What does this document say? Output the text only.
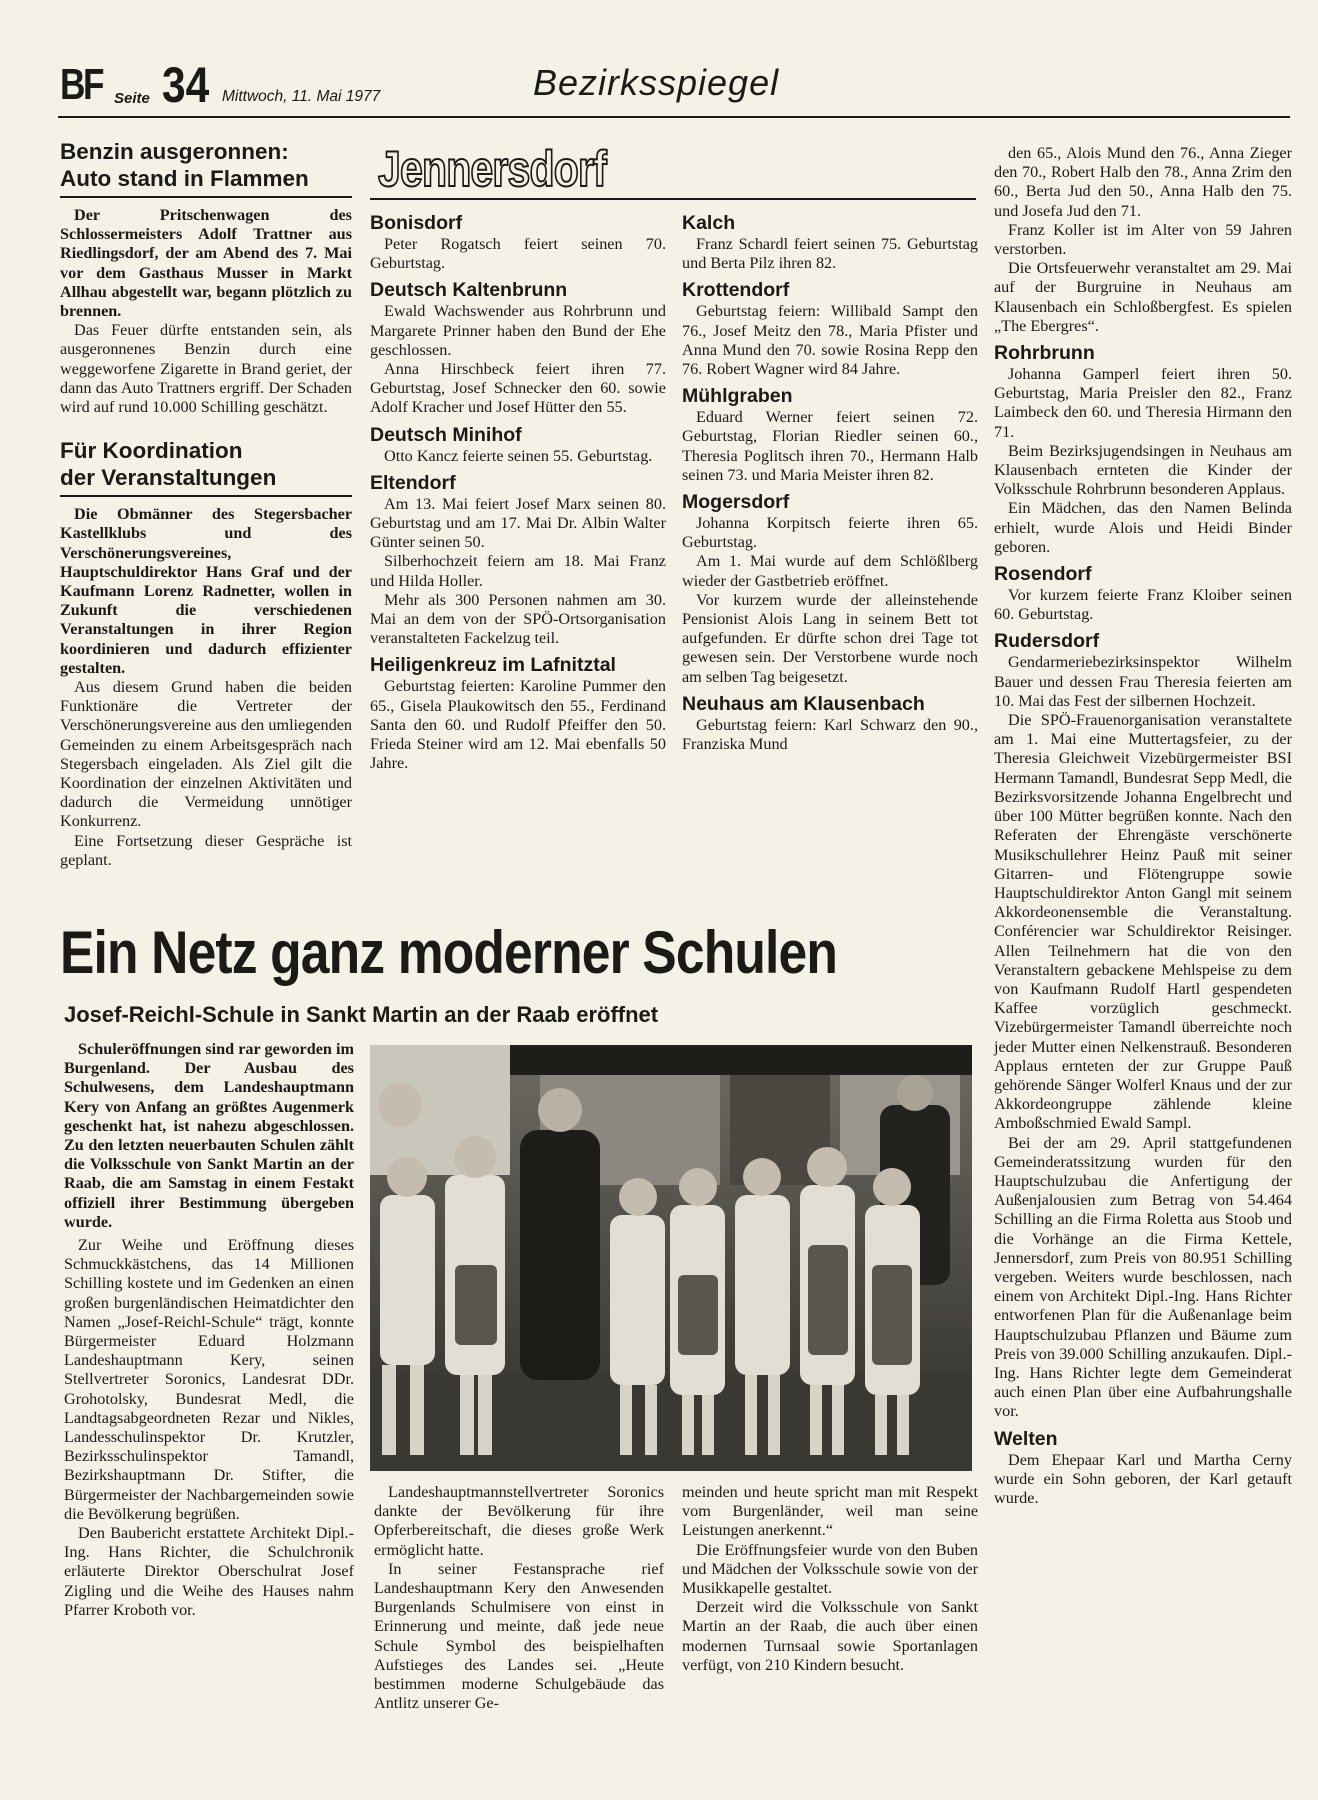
BF Seite 34 Mittwoch, 11. Mai 1977	Bezirksspiegel
Benzin ausgeronnen:
Auto stand in Flammen

Der Pritschenwagen des Schlossermeisters Adolf Trattner aus Riedlingsdorf, der am Abend des 7. Mai vor dem Gasthaus Musser in Markt Allhau abgestellt war, begann plötzlich zu brennen.

Das Feuer dürfte entstanden sein, als ausgeronnenes Benzin durch eine weggeworfene Zigarette in Brand geriet, der dann das Auto Trattners ergriff. Der Schaden wird auf rund 10.000 Schilling geschätzt.

Für Koordination
der Veranstaltungen

Die Obmänner des Stegersbacher Kastellklubs und des Verschönerungsvereines, Hauptschuldirektor Hans Graf und der Kaufmann Lorenz Radnetter, wollen in Zukunft die verschiedenen Veranstaltungen in ihrer Region koordinieren und dadurch effizienter gestalten.

Aus diesem Grund haben die beiden Funktionäre die Vertreter der Verschönerungsvereine aus den umliegenden Gemeinden zu einem Arbeitsgespräch nach Stegersbach eingeladen. Als Ziel gilt die Koordination der einzelnen Aktivitäten und dadurch die Vermeidung unnötiger Konkurrenz.

Eine Fortsetzung dieser Gespräche ist geplant.

Jennersdorf
Bonisdorf

Peter Rogatsch feiert seinen 70. Geburtstag.

Deutsch Kaltenbrunn

Ewald Wachswender aus Rohrbrunn und Margarete Prinner haben den Bund der Ehe geschlossen.

Anna Hirschbeck feiert ihren 77. Geburtstag, Josef Schnecker den 60. sowie Adolf Kracher und Josef Hütter den 55.

Deutsch Minihof

Otto Kancz feierte seinen 55. Geburtstag.

Eltendorf

Am 13. Mai feiert Josef Marx seinen 80. Geburtstag und am 17. Mai Dr. Albin Walter Günter seinen 50.

Silberhochzeit feiern am 18. Mai Franz und Hilda Holler.

Mehr als 300 Personen nahmen am 30. Mai an dem von der SPÖ-Ortsorganisation veranstalteten Fackelzug teil.

Heiligenkreuz im Lafnitztal

Geburtstag feierten: Karoline Pummer den 65., Gisela Plaukowitsch den 55., Ferdinand Santa den 60. und Rudolf Pfeiffer den 50. Frieda Steiner wird am 12. Mai ebenfalls 50 Jahre.

Kalch

Franz Schardl feiert seinen 75. Geburtstag und Berta Pilz ihren 82.

Krottendorf

Geburtstag feiern: Willibald Sampt den 76., Josef Meitz den 78., Maria Pfister und Anna Mund den 70. sowie Rosina Repp den 76. Robert Wagner wird 84 Jahre.

Mühlgraben

Eduard Werner feiert seinen 72. Geburtstag, Florian Riedler seinen 60., Theresia Poglitsch ihren 70., Hermann Halb seinen 73. und Maria Meister ihren 82.

Mogersdorf

Johanna Korpitsch feierte ihren 65. Geburtstag.

Am 1. Mai wurde auf dem Schlößlberg wieder der Gastbetrieb eröffnet.

Vor kurzem wurde der alleinstehende Pensionist Alois Lang in seinem Bett tot aufgefunden. Er dürfte schon drei Tage tot gewesen sein. Der Verstorbene wurde noch am selben Tag beigesetzt.

Neuhaus am Klausenbach

Geburtstag feiern: Karl Schwarz den 90., Franziska Mund

den 65., Alois Mund den 76., Anna Zieger den 70., Robert Halb den 78., Anna Zrim den 60., Berta Jud den 50., Anna Halb den 75. und Josefa Jud den 71.

Franz Koller ist im Alter von 59 Jahren verstorben.

Die Ortsfeuerwehr veranstaltet am 29. Mai auf der Burgruine in Neuhaus am Klausenbach ein Schloßbergfest. Es spielen „The Ebergres“.

Rohrbrunn

Johanna Gamperl feiert ihren 50. Geburtstag, Maria Preisler den 82., Franz Laimbeck den 60. und Theresia Hirmann den 71.

Beim Bezirksjugendsingen in Neuhaus am Klausenbach ernteten die Kinder der Volksschule Rohrbrunn besonderen Applaus.

Ein Mädchen, das den Namen Belinda erhielt, wurde Alois und Heidi Binder geboren.

Rosendorf

Vor kurzem feierte Franz Kloiber seinen 60. Geburtstag.

Rudersdorf

Gendarmeriebezirksinspektor Wilhelm Bauer und dessen Frau Theresia feierten am 10. Mai das Fest der silbernen Hochzeit.

Die SPÖ-Frauenorganisation veranstaltete am 1. Mai eine Muttertagsfeier, zu der Theresia Gleichweit Vizebürgermeister BSI Hermann Tamandl, Bundesrat Sepp Medl, die Bezirksvorsitzende Johanna Engelbrecht und über 100 Mütter begrüßen konnte. Nach den Referaten der Ehrengäste verschönerte Musikschullehrer Heinz Pauß mit seiner Gitarren- und Flötengruppe sowie Hauptschuldirektor Anton Gangl mit seinem Akkordeonensemble die Veranstaltung. Conférencier war Schuldirektor Reisinger. Allen Teilnehmern hat die von den Veranstaltern gebackene Mehlspeise zu dem von Kaufmann Rudolf Hartl gespendeten Kaffee vorzüglich geschmeckt. Vizebürgermeister Tamandl überreichte noch jeder Mutter einen Nelkenstrauß. Besonderen Applaus ernteten der zur Gruppe Pauß gehörende Sänger Wolferl Knaus und der zur Akkordeongruppe zählende kleine Amboßschmied Ewald Sampl.

Bei der am 29. April stattgefundenen Gemeinderatssitzung wurden für den Hauptschulzubau die Anfertigung der Außenjalousien zum Betrag von 54.464 Schilling an die Firma Roletta aus Stoob und die Vorhänge an die Firma Kettele, Jennersdorf, zum Preis von 80.951 Schilling vergeben. Weiters wurde beschlossen, nach einem von Architekt Dipl.-Ing. Hans Richter entworfenen Plan für die Außenanlage beim Hauptschulzubau Pflanzen und Bäume zum Preis von 39.000 Schilling anzukaufen. Dipl.-Ing. Hans Richter legte dem Gemeinderat auch einen Plan über eine Aufbahrungshalle vor.

Welten

Dem Ehepaar Karl und Martha Cerny wurde ein Sohn geboren, der Karl getauft wurde.

Ein Netz ganz moderner Schulen
Josef-Reichl-Schule in Sankt Martin an der Raab eröffnet

Schuleröffnungen sind rar geworden im Burgenland. Der Ausbau des Schulwesens, dem Landeshauptmann Kery von Anfang an größtes Augenmerk geschenkt hat, ist nahezu abgeschlossen. Zu den letzten neuerbauten Schulen zählt die Volksschule von Sankt Martin an der Raab, die am Samstag in einem Festakt offiziell ihrer Bestimmung übergeben wurde.

Zur Weihe und Eröffnung dieses Schmuckkästchens, das 14 Millionen Schilling kostete und im Gedenken an einen großen burgenländischen Heimatdichter den Namen „Josef-Reichl-Schule“ trägt, konnte Bürgermeister Eduard Holzmann Landeshauptmann Kery, seinen Stellvertreter Soronics, Landesrat DDr. Grohotolsky, Bundesrat Medl, die Landtagsabgeordneten Rezar und Nikles, Landesschulinspektor Dr. Krutzler, Bezirksschulinspektor Tamandl, Bezirkshauptmann Dr. Stifter, die Bürgermeister der Nachbargemeinden sowie die Bevölkerung begrüßen.

Den Baubericht erstattete Architekt Dipl.-Ing. Hans Richter, die Schulchronik erläuterte Direktor Oberschulrat Josef Zigling und die Weihe des Hauses nahm Pfarrer Kroboth vor.

Landeshauptmannstellvertreter Soronics dankte der Bevölkerung für ihre Opferbereitschaft, die dieses große Werk ermöglicht hatte.

In seiner Festansprache rief Landeshauptmann Kery den Anwesenden Burgenlands Schulmisere von einst in Erinnerung und meinte, daß jede neue Schule Symbol des beispielhaften Aufstieges des Landes sei. „Heute bestimmen moderne Schulgebäude das Antlitz unserer Ge-

meinden und heute spricht man mit Respekt vom Burgenländer, weil man seine Leistungen anerkennt.“

Die Eröffnungsfeier wurde von den Buben und Mädchen der Volksschule sowie von der Musikkapelle gestaltet.

Derzeit wird die Volksschule von Sankt Martin an der Raab, die auch über einen modernen Turnsaal sowie Sportanlagen verfügt, von 210 Kindern besucht.
